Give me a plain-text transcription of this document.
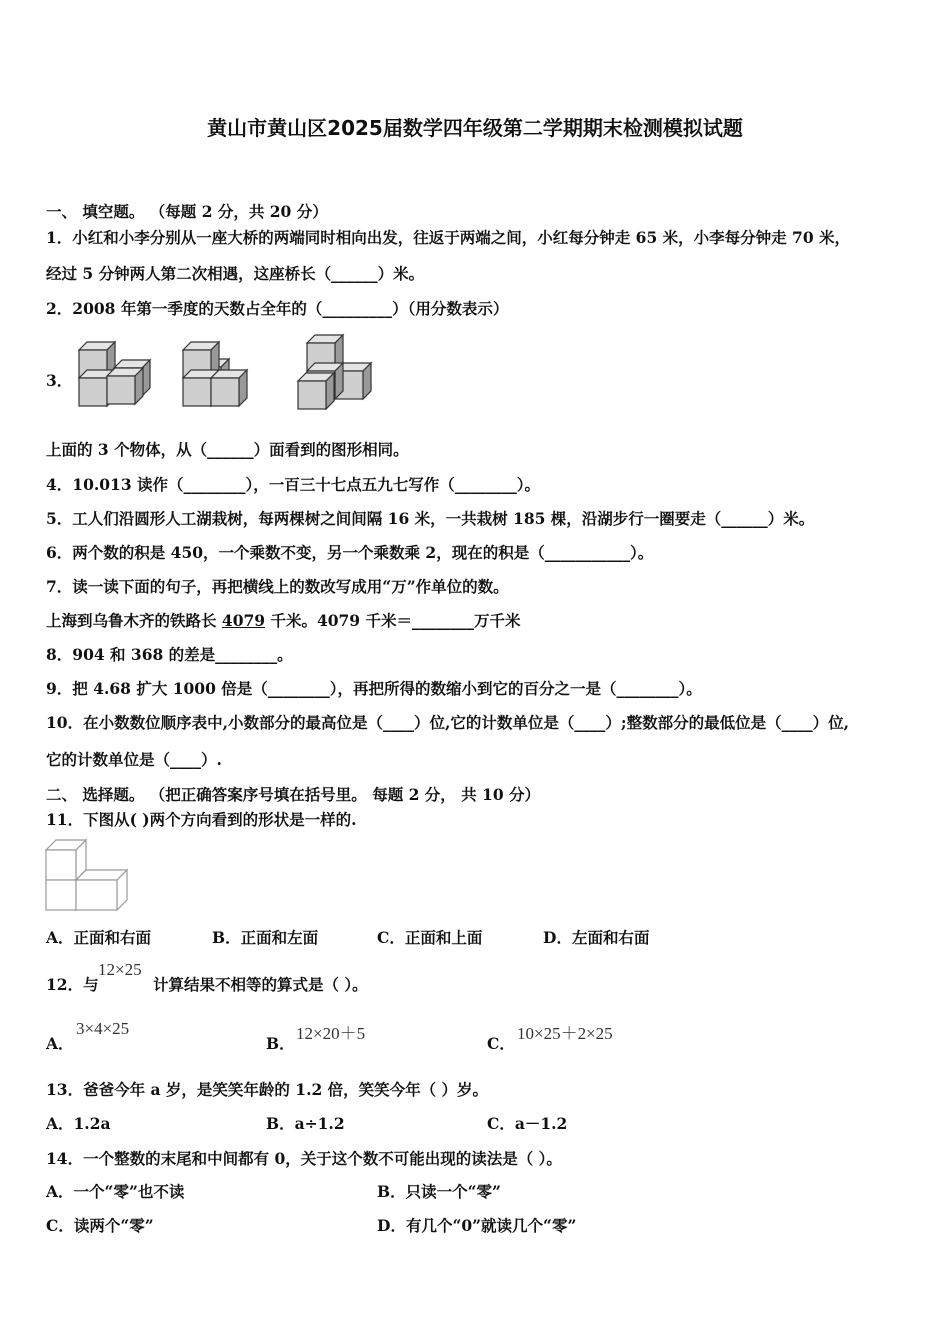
黄山市黄山区2025届数学四年级第二学期期末检测模拟试题
一、 填空题。 （每题 2 分，共 20 分）
1．小红和小李分别从一座大桥的两端同时相向出发，往返于两端之间，小红每分钟走 65 米，小李每分钟走 70 米，
经过 5 分钟两人第二次相遇，这座桥长（______）米。
2．2008 年第一季度的天数占全年的（_________）（用分数表示）
3．
上面的 3 个物体，从（______）面看到的图形相同。
4．10.013 读作（________），一百三十七点五九七写作（________）。
5．工人们沿圆形人工湖栽树，每两棵树之间间隔 16 米，一共栽树 185 棵，沿湖步行一圈要走（______）米。
6．两个数的积是 450，一个乘数不变，另一个乘数乘 2，现在的积是（___________）。
7．读一读下面的句子，再把横线上的数改写成用“万”作单位的数。
上海到乌鲁木齐的铁路长 4079 千米。4079 千米＝________万千米
8．904 和 368 的差是________。
9．把 4.68 扩大 1000 倍是（________），再把所得的数缩小到它的百分之一是（________）。
10．在小数数位顺序表中,小数部分的最高位是（____）位,它的计数单位是（____）;整数部分的最低位是（____）位,
它的计数单位是（____）.
二、 选择题。 （把正确答案序号填在括号里。 每题 2 分， 共 10 分）
11．下图从( )两个方向看到的形状是一样的.
A．正面和右面	B．正面和左面	C．正面和上面	D．左面和右面
12．与
12×25
计算结果不相等的算式是（ ）。
A．
3×4×25
B．
12×20＋5
C．
10×25＋2×25
13．爸爸今年 a 岁，是笑笑年龄的 1.2 倍，笑笑今年（ ）岁。
A．1.2a	B．a÷1.2	C．a－1.2
14．一个整数的末尾和中间都有 0，关于这个数不可能出现的读法是（ ）。
A．一个“零”也不读	B．只读一个“零”
C．读两个“零”	D．有几个“0”就读几个“零”
